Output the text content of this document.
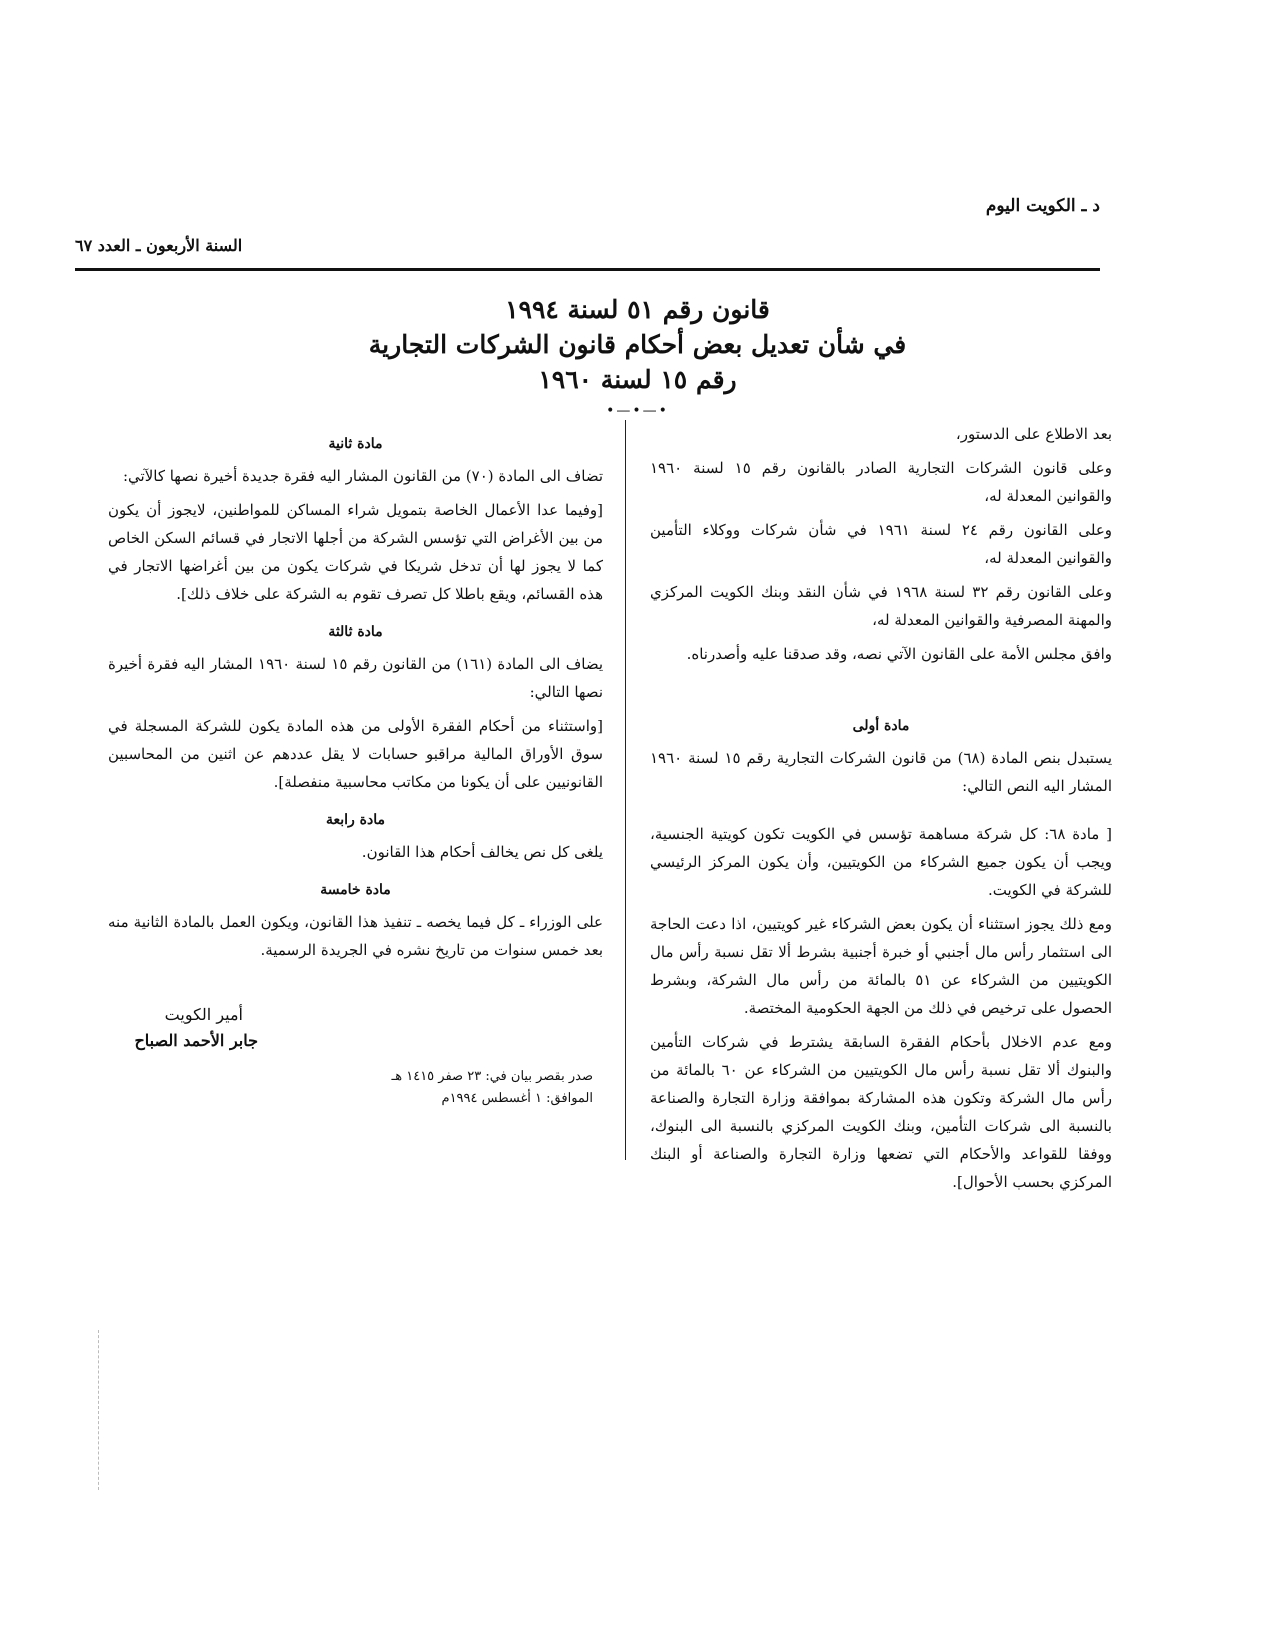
د ـ الكويت اليوم
السنة الأربعون ـ العدد ٦٧
قانون رقم ٥١ لسنة ١٩٩٤
في شأن تعديل بعض أحكام قانون الشركات التجارية
رقم ١٥ لسنة ١٩٦٠
•—•—•

بعد الاطلاع على الدستور،

وعلى قانون الشركات التجارية الصادر بالقانون رقم ١٥ لسنة ١٩٦٠ والقوانين المعدلة له،

وعلى القانون رقم ٢٤ لسنة ١٩٦١ في شأن شركات ووكلاء التأمين والقوانين المعدلة له،

وعلى القانون رقم ٣٢ لسنة ١٩٦٨ في شأن النقد وبنك الكويت المركزي والمهنة المصرفية والقوانين المعدلة له،

وافق مجلس الأمة على القانون الآتي نصه، وقد صدقنا عليه وأصدرناه.

مادة أولى

يستبدل بنص المادة (٦٨) من قانون الشركات التجارية رقم ١٥ لسنة ١٩٦٠ المشار اليه النص التالي:

[ مادة ٦٨: كل شركة مساهمة تؤسس في الكويت تكون كويتية الجنسية، ويجب أن يكون جميع الشركاء من الكويتيين، وأن يكون المركز الرئيسي للشركة في الكويت.

ومع ذلك يجوز استثناء أن يكون بعض الشركاء غير كويتيين، اذا دعت الحاجة الى استثمار رأس مال أجنبي أو خبرة أجنبية بشرط ألا تقل نسبة رأس مال الكويتيين من الشركاء عن ٥١ بالمائة من رأس مال الشركة، وبشرط الحصول على ترخيص في ذلك من الجهة الحكومية المختصة.

ومع عدم الاخلال بأحكام الفقرة السابقة يشترط في شركات التأمين والبنوك ألا تقل نسبة رأس مال الكويتيين من الشركاء عن ٦٠ بالمائة من رأس مال الشركة وتكون هذه المشاركة بموافقة وزارة التجارة والصناعة بالنسبة الى شركات التأمين، وبنك الكويت المركزي بالنسبة الى البنوك، ووفقا للقواعد والأحكام التي تضعها وزارة التجارة والصناعة أو البنك المركزي بحسب الأحوال].

مادة ثانية

تضاف الى المادة (٧٠) من القانون المشار اليه فقرة جديدة أخيرة نصها كالآتي:

[وفيما عدا الأعمال الخاصة بتمويل شراء المساكن للمواطنين، لايجوز أن يكون من بين الأغراض التي تؤسس الشركة من أجلها الاتجار في قسائم السكن الخاص كما لا يجوز لها أن تدخل شريكا في شركات يكون من بين أغراضها الاتجار في هذه القسائم، ويقع باطلا كل تصرف تقوم به الشركة على خلاف ذلك].

مادة ثالثة

يضاف الى المادة (١٦١) من القانون رقم ١٥ لسنة ١٩٦٠ المشار اليه فقرة أخيرة نصها التالي:

[واستثناء من أحكام الفقرة الأولى من هذه المادة يكون للشركة المسجلة في سوق الأوراق المالية مراقبو حسابات لا يقل عددهم عن اثنين من المحاسبين القانونيين على أن يكونا من مكاتب محاسبية منفصلة].

مادة رابعة

يلغى كل نص يخالف أحكام هذا القانون.

مادة خامسة

على الوزراء ـ كل فيما يخصه ـ تنفيذ هذا القانون، ويكون العمل بالمادة الثانية منه بعد خمس سنوات من تاريخ نشره في الجريدة الرسمية.

أمير الكويت
جابر الأحمد الصباح
صدر بقصر بيان في: ٢٣ صفر ١٤١٥ هـ
الموافق: ١ أغسطس ١٩٩٤م
